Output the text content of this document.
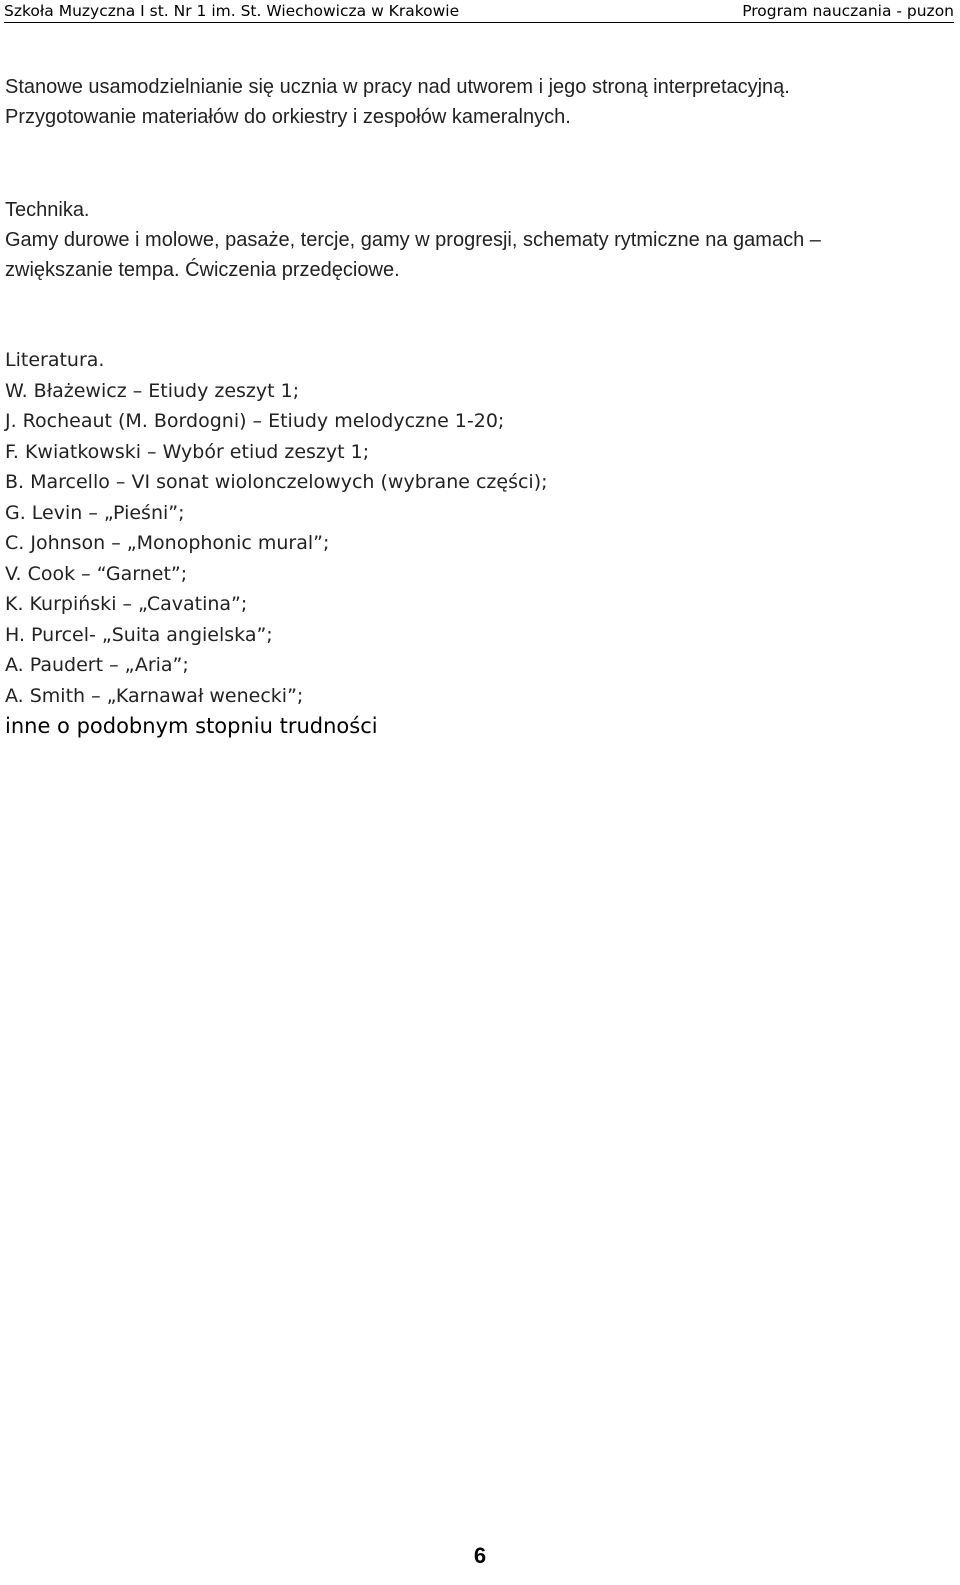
Szkoła Muzyczna I st. Nr 1 im. St. Wiechowicza w Krakowie	Program nauczania - puzon

Stanowe usamodzielnianie się ucznia w pracy nad utworem i jego stroną interpretacyjną.

Przygotowanie materiałów do orkiestry i zespołów kameralnych.

Technika.

Gamy durowe i molowe, pasaże, tercje, gamy w progresji, schematy rytmiczne na gamach –

zwiększanie tempa. Ćwiczenia przedęciowe.

Literatura.
W. Błażewicz – Etiudy zeszyt 1;
J. Rocheaut (M. Bordogni) – Etiudy melodyczne 1-20;
F. Kwiatkowski – Wybór etiud zeszyt 1;
B. Marcello – VI sonat wiolonczelowych (wybrane części);
G. Levin – „Pieśni”;
C. Johnson – „Monophonic mural”;
V. Cook – “Garnet”;
K. Kurpiński – „Cavatina”;
H. Purcel- „Suita angielska”;
A. Paudert – „Aria”;
A. Smith – „Karnawał wenecki”;
inne o podobnym stopniu trudności
6
